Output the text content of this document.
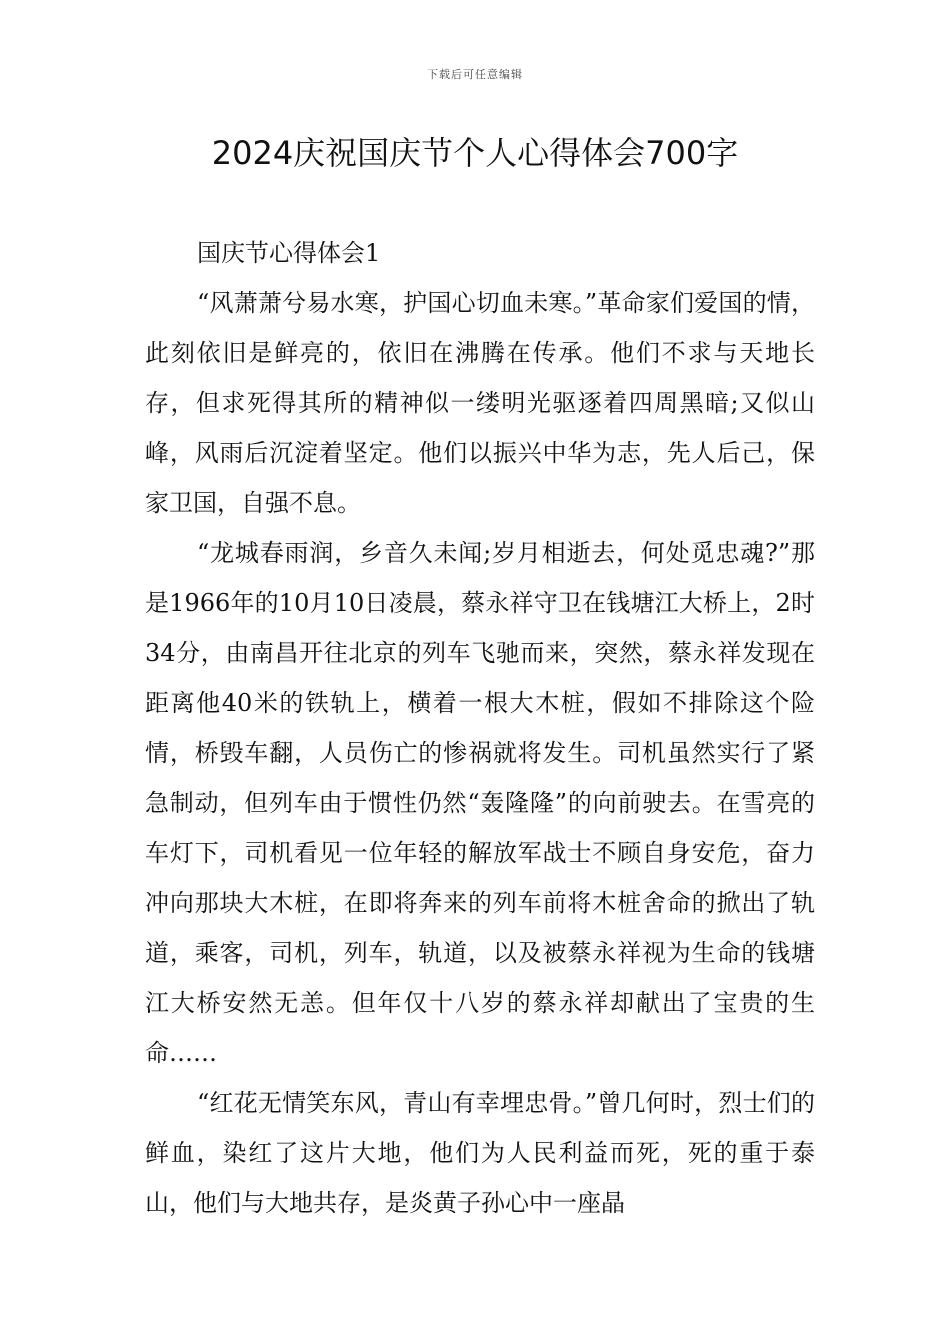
下载后可任意编辑
2024庆祝国庆节个人心得体会700字

国庆节心得体会1

“风萧萧兮易水寒，护国心切血未寒。”革命家们爱国的情，此刻依旧是鲜亮的，依旧在沸腾在传承。他们不求与天地长存，但求死得其所的精神似一缕明光驱逐着四周黑暗;又似山峰，风雨后沉淀着坚定。他们以振兴中华为志，先人后己，保家卫国，自强不息。

“龙城春雨润，乡音久未闻;岁月相逝去，何处觅忠魂?”那是1966年的10月10日凌晨，蔡永祥守卫在钱塘江大桥上，2时34分，由南昌开往北京的列车飞驰而来，突然，蔡永祥发现在距离他40米的铁轨上，横着一根大木桩，假如不排除这个险情，桥毁车翻，人员伤亡的惨祸就将发生。司机虽然实行了紧急制动，但列车由于惯性仍然“轰隆隆”的向前驶去。在雪亮的车灯下，司机看见一位年轻的解放军战士不顾自身安危，奋力冲向那块大木桩，在即将奔来的列车前将木桩舍命的掀出了轨道，乘客，司机，列车，轨道，以及被蔡永祥视为生命的钱塘江大桥安然无恙。但年仅十八岁的蔡永祥却献出了宝贵的生命……

“红花无情笑东风，青山有幸埋忠骨。”曾几何时，烈士们的鲜血，染红了这片大地，他们为人民利益而死，死的重于泰山，他们与大地共存，是炎黄子孙心中一座晶
